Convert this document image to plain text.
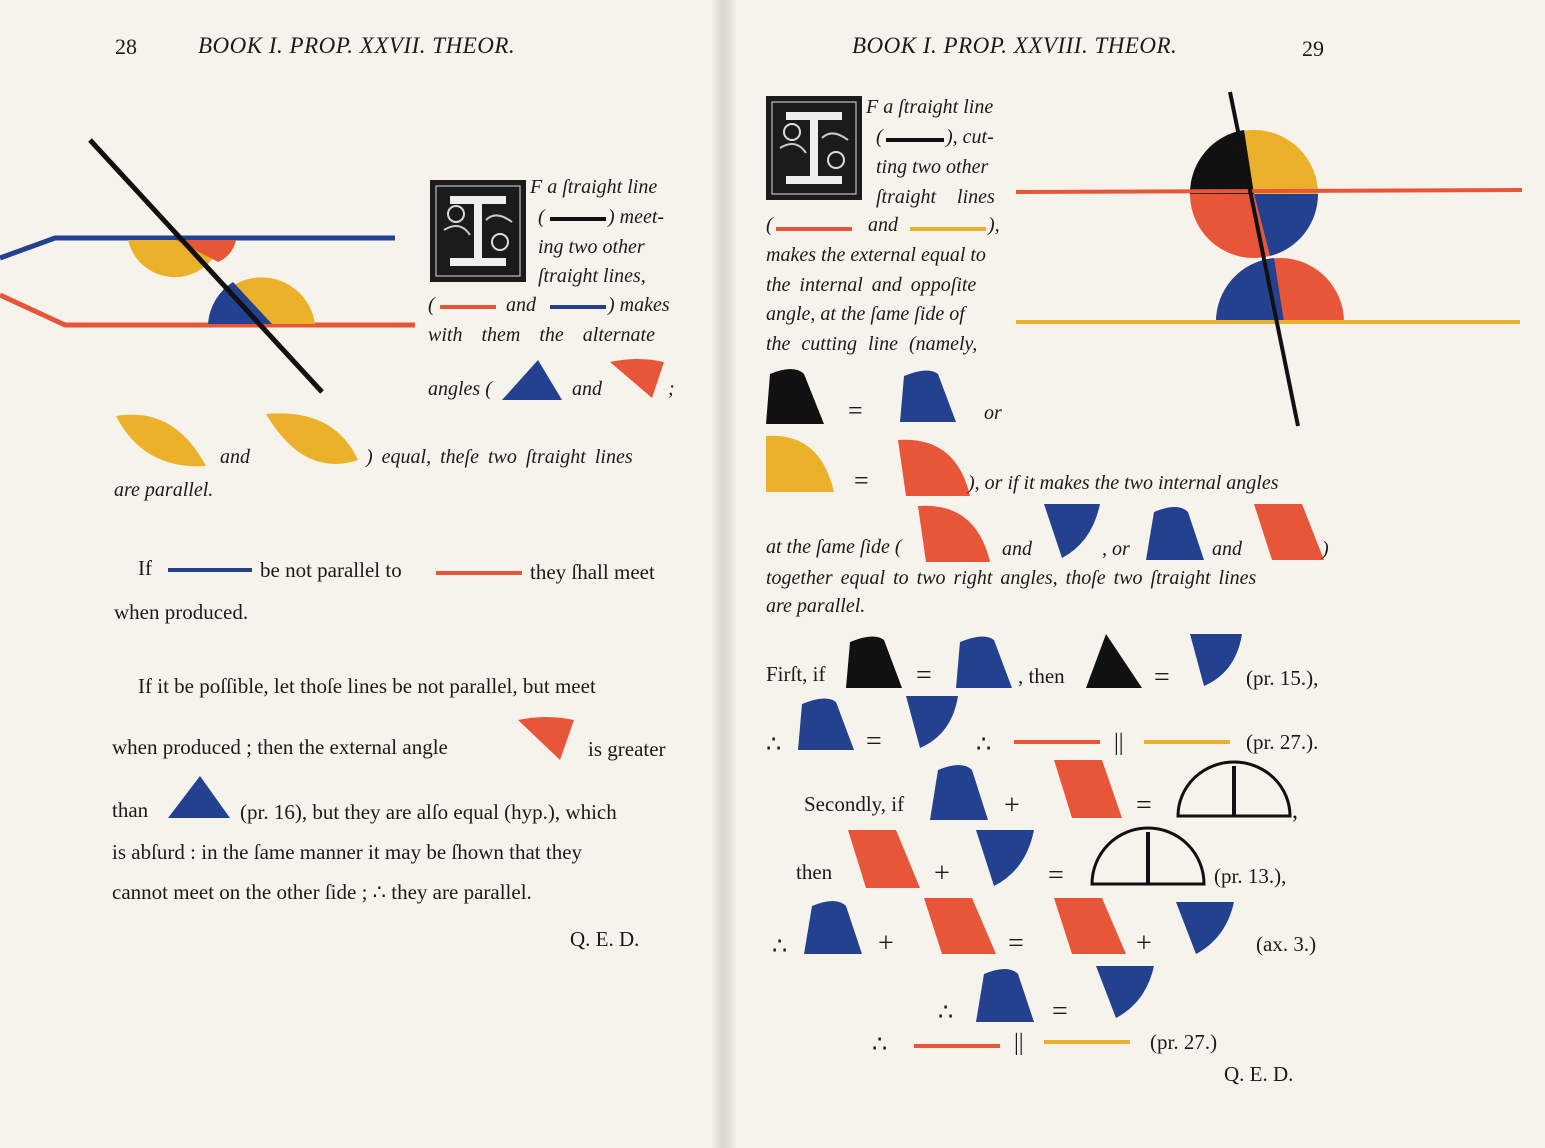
28	BOOK I. PROP. XXVII. THEOR.
F a ſtraight line
(	) meet-
ing two other
ſtraight lines,
(	and	) makes
with them the alternate
angles (	and	;
and	) equal, theſe two ſtraight lines
are parallel.
If	be not parallel to	they ſhall meet
when produced.
If it be poſſible, let thoſe lines be not parallel, but meet
when produced ; then the external angle	is greater
than	(pr. 16), but they are alſo equal (hyp.), which
is abſurd : in the ſame manner it may be ſhown that they
cannot meet on the other ſide ; ∴ they are parallel.
Q. E. D.
BOOK I. PROP. XXVIII. THEOR.	29
F a ſtraight line
(	), cut-
ting two other
ſtraight lines
(	and	),
makes the external equal to
the internal and oppoſite
angle, at the ſame ſide of
the cutting line (namely,
=	or
=	), or if it makes the two internal angles
at the ſame ſide (	and	, or	and	)
together equal to two right angles, thoſe two ſtraight lines
are parallel.
Firſt, if	=	, then	=	(pr. 15.),
∴	=	∴	||	(pr. 27.).
Secondly, if	+	=	,
then	+	=	(pr. 13.),
∴	+	=	+	(ax. 3.)
∴	=
∴	||	(pr. 27.)
Q. E. D.
